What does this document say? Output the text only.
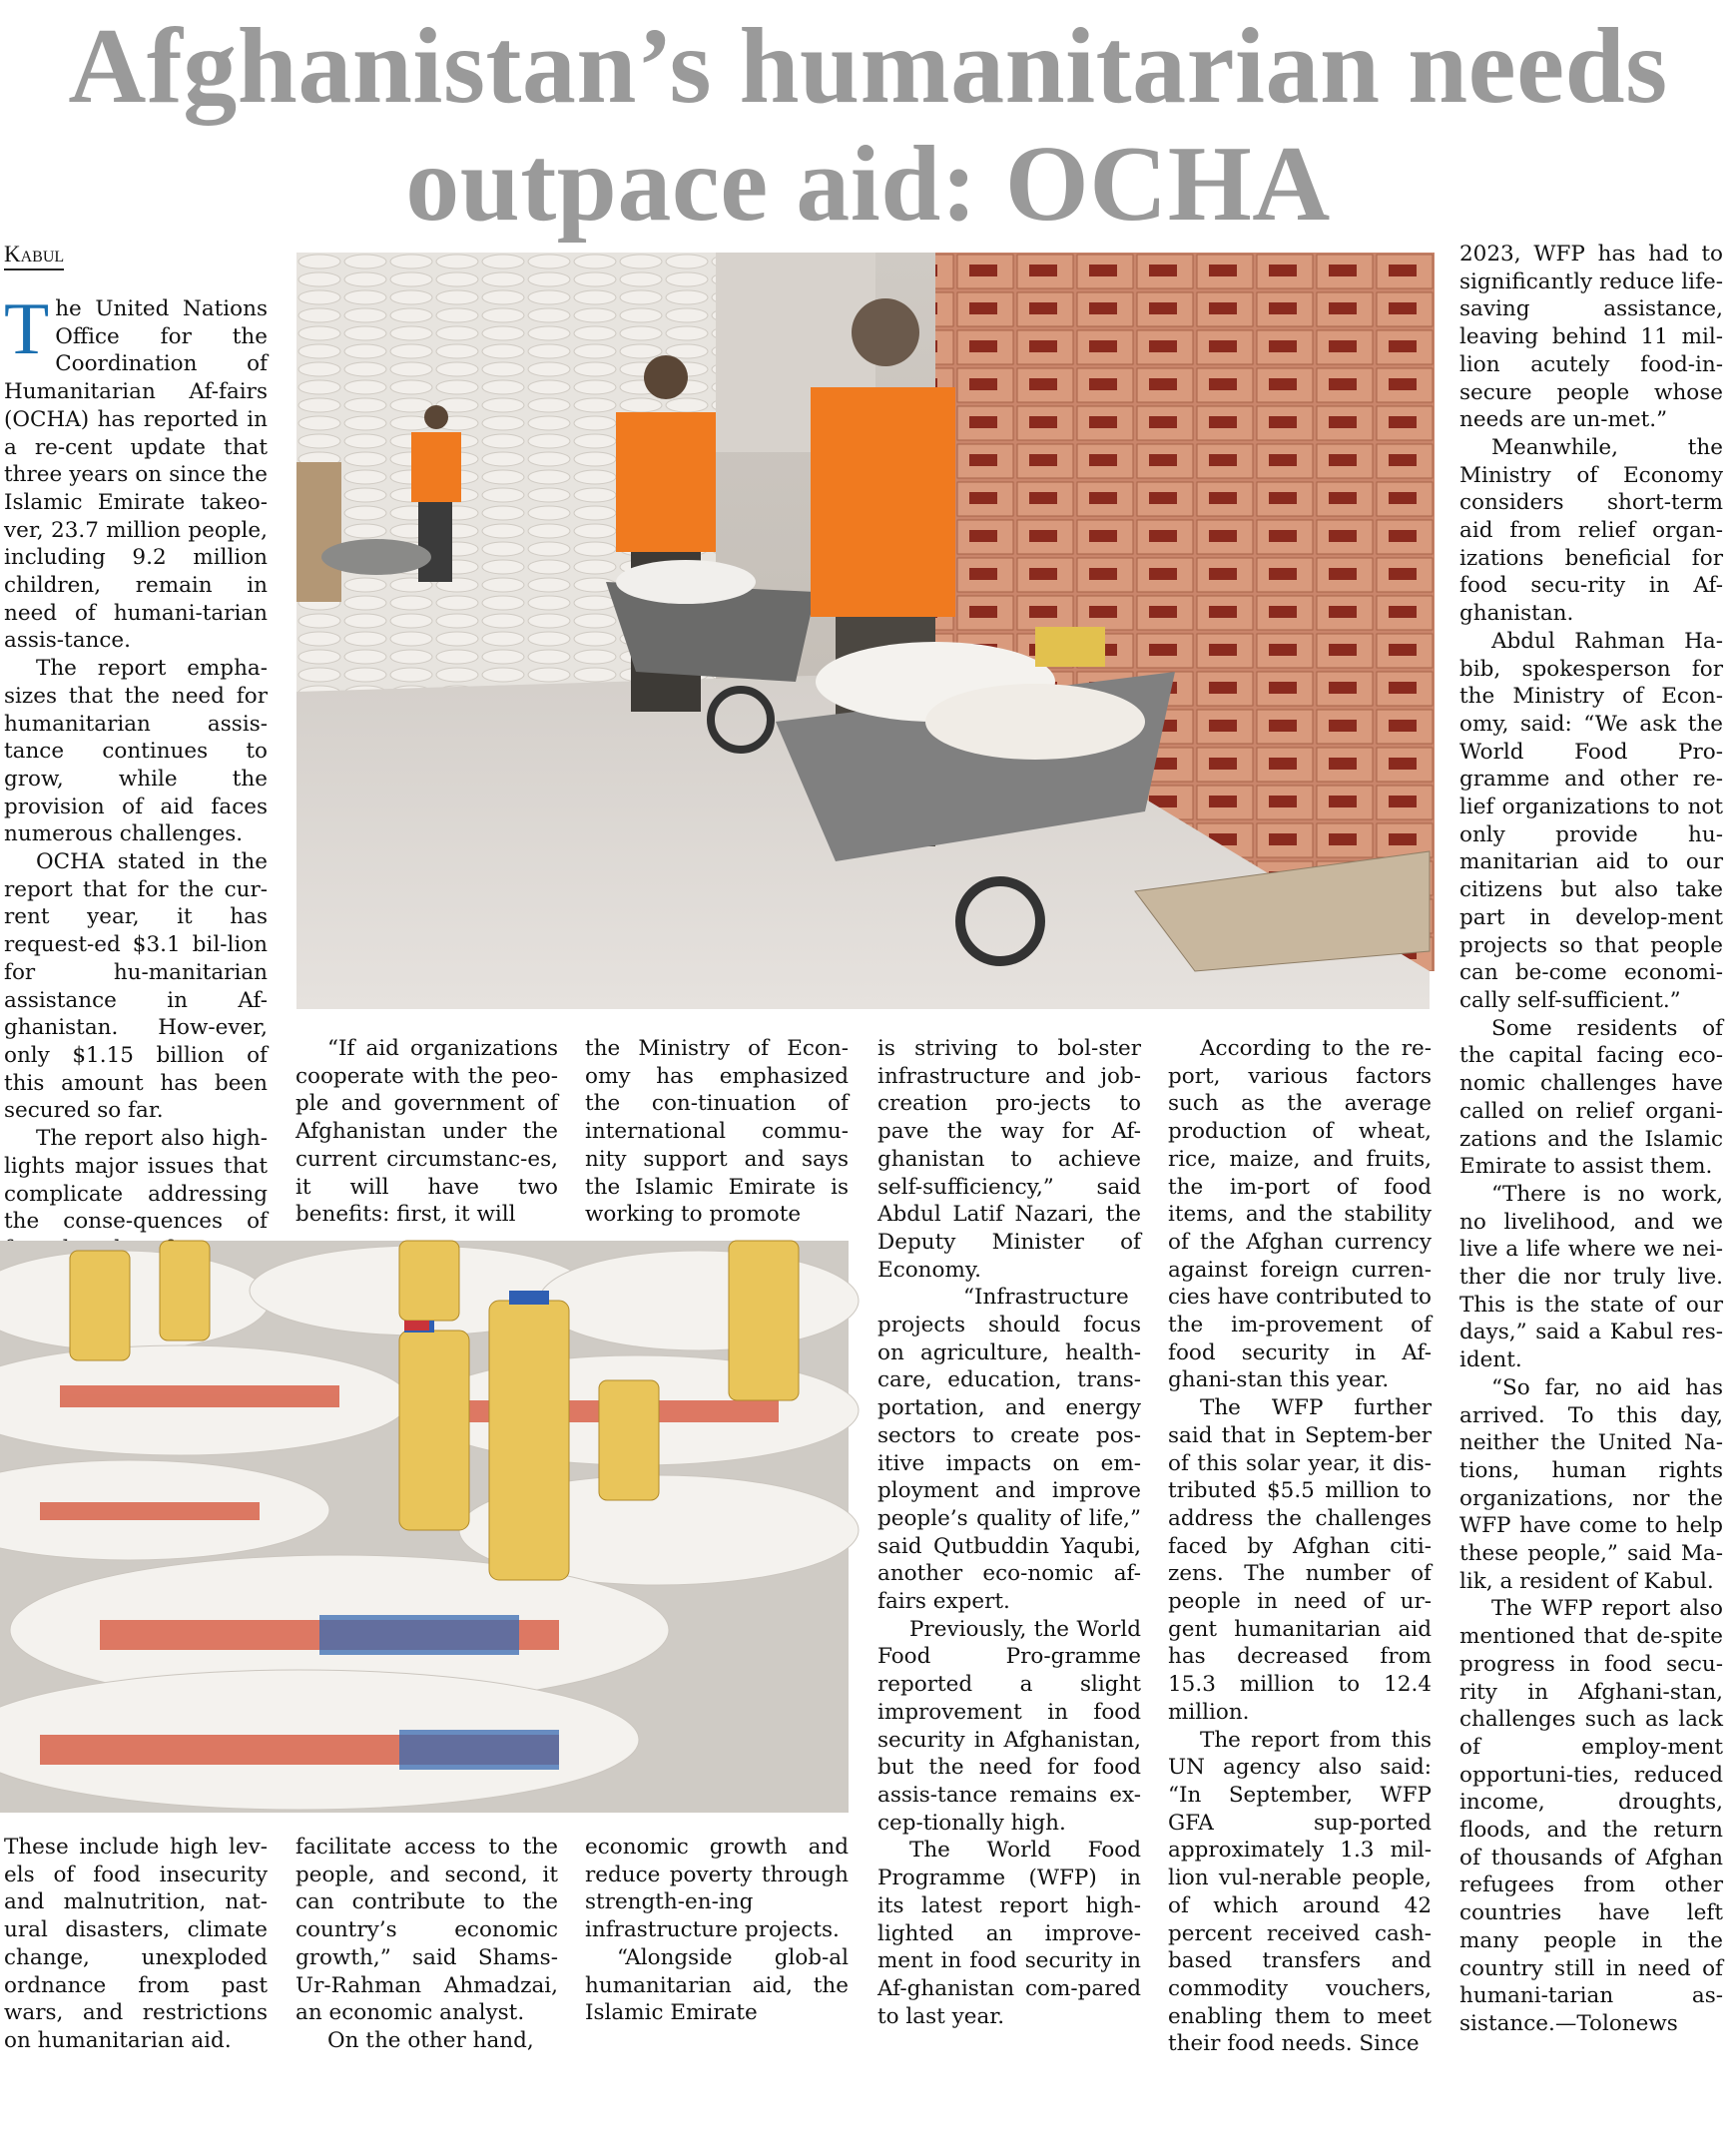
Afghanistan’s humanitarian needs
outpace aid: OCHA
Kabul

The United Nations Office for the Coordination of Humanitarian Af-fairs (OCHA) has reported in a re-cent update that three years on since the Islamic Emirate takeo-ver, 23.7 million people, including 9.2 million children, remain in need of humani-tarian assis-tance.

The report empha-sizes that the need for humanitarian assis-tance continues to grow, while the provision of aid faces numerous challenges.

OCHA stated in the report that for the cur-rent year, it has request-ed $3.1 bil-lion for hu-manitarian assistance in Af-ghanistan. How-ever, only $1.15 billion of this amount has been secured so far.

The report also high-lights major issues that complicate addressing the conse-quences of

“If aid organizations cooperate with the peo-ple and government of Afghanistan under the current circumstanc-es, it will have two benefits: first, it will

the Ministry of Econ-omy has emphasized the con-tinuation of international commu-nity support and says the Islamic Emirate is working to promote

These include high lev-els of food insecurity and malnutrition, nat-ural disasters, climate change, unexploded ordnance from past wars, and restrictions on humanitarian aid.

facilitate access to the people, and second, it can contribute to the country’s economic growth,” said Shams-Ur-Rahman Ahmadzai, an economic analyst.

On the other hand,

economic growth and reduce poverty through strength-en-ing infrastructure projects.

“Alongside glob-al humanitarian aid, the Islamic Emirate

is striving to bol-ster infrastructure and job-creation pro-jects to pave the way for Af-ghanistan to achieve self-sufficiency,” said Abdul Latif Nazari, the Deputy Minister of Economy.

“Infrastructure projects should focus on agriculture, health-care, education, trans-portation, and energy sectors to create pos-itive impacts on em-ployment and improve people’s quality of life,” said Qutbuddin Yaqubi, another eco-nomic af-fairs expert.

Previously, the World Food Pro-gramme reported a slight improvement in food security in Afghanistan, but the need for food assis-tance remains ex-cep-tionally high.

The World Food Programme (WFP) in its latest report high-lighted an improve-ment in food security in Af-ghanistan com-pared to last year.

According to the re-port, various factors such as the average production of wheat, rice, maize, and fruits, the im-port of food items, and the stability of the Afghan currency against foreign curren-cies have contributed to the im-provement of food security in Af-ghani-stan this year.

The WFP further said that in Septem-ber of this solar year, it dis-tributed $5.5 million to address the challenges faced by Afghan citi-zens. The number of people in need of ur-gent humanitarian aid has decreased from 15.3 million to 12.4 million.

The report from this UN agency also said: “In September, WFP GFA sup-ported approximately 1.3 mil-lion vul-nerable people, of which around 42 percent received cash-based transfers and commodity vouchers, enabling them to meet their food needs. Since

2023, WFP has had to significantly reduce life-saving assistance, leaving behind 11 mil-lion acutely food-in-secure people whose needs are un-met.”

Meanwhile, the Ministry of Economy considers short-term aid from relief organ-izations beneficial for food secu-rity in Af-ghanistan.

Abdul Rahman Ha-bib, spokesperson for the Ministry of Econ-omy, said: “We ask the World Food Pro-gramme and other re-lief organizations to not only provide hu-manitarian aid to our citizens but also take part in develop-ment projects so that people can be-come economi-cally self-sufficient.”

Some residents of the capital facing eco-nomic challenges have called on relief organi-zations and the Islamic Emirate to assist them.

“There is no work, no livelihood, and we live a life where we nei-ther die nor truly live. This is the state of our days,” said a Kabul res-ident.

“So far, no aid has arrived. To this day, neither the United Na-tions, human rights organizations, nor the WFP have come to help these people,” said Ma-lik, a resident of Kabul.

The WFP report also mentioned that de-spite progress in food secu-rity in Afghani-stan, challenges such as lack of employ-ment opportuni-ties, reduced income, droughts, floods, and the return of thousands of Afghan refugees from other countries have left many people in the country still in need of humani-tarian as-sistance.—Tolonews
